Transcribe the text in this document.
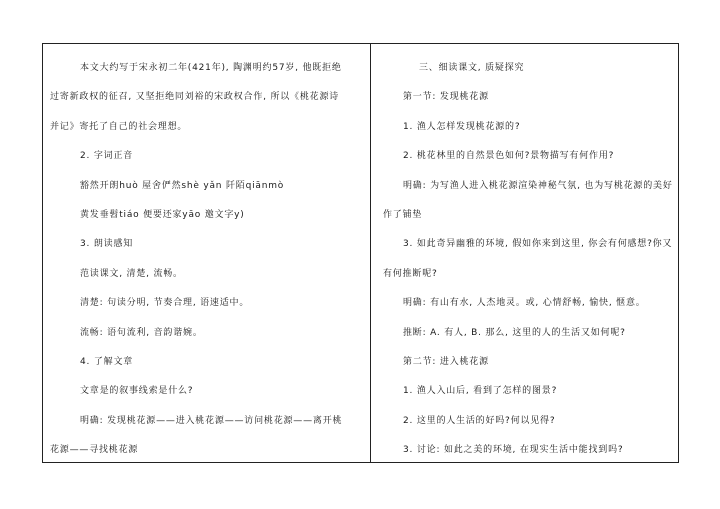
本文大约写于宋永初二年(421年), 陶渊明约57岁, 他既拒绝
过寄新政权的征召, 又坚拒绝同刘裕的宋政权合作, 所以《桃花源诗
并记》寄托了自己的社会理想。
2. 字词正音
豁然开朗huò 屋舍俨然shè yǎn 阡陌qiānmò
黄发垂髫tiáo 便要还家yāo 邀文字y)
3. 朗读感知
范读课文, 清楚, 流畅。
清楚: 句读分明, 节奏合理, 语速适中。
流畅: 语句流利, 音韵谐婉。
4. 了解文章
文章是的叙事线索是什么?
明确: 发现桃花源——进入桃花源——访问桃花源——离开桃
花源——寻找桃花源
三、细读课文, 质疑探究
第一节: 发现桃花源
1. 渔人怎样发现桃花源的?
2. 桃花林里的自然景色如何?景物描写有何作用?
明确: 为写渔人进入桃花源渲染神秘气氛, 也为写桃花源的美好
作了铺垫
3. 如此奇异幽雅的环境, 假如你来到这里, 你会有何感想?你又
有何推断呢?
明确: 有山有水, 人杰地灵。或, 心情舒畅, 愉快, 惬意。
推断: A. 有人, B. 那么, 这里的人的生活又如何呢?
第二节: 进入桃花源
1. 渔人入山后, 看到了怎样的图景?
2. 这里的人生活的好吗?何以见得?
3. 讨论: 如此之美的环境, 在现实生活中能找到吗?
